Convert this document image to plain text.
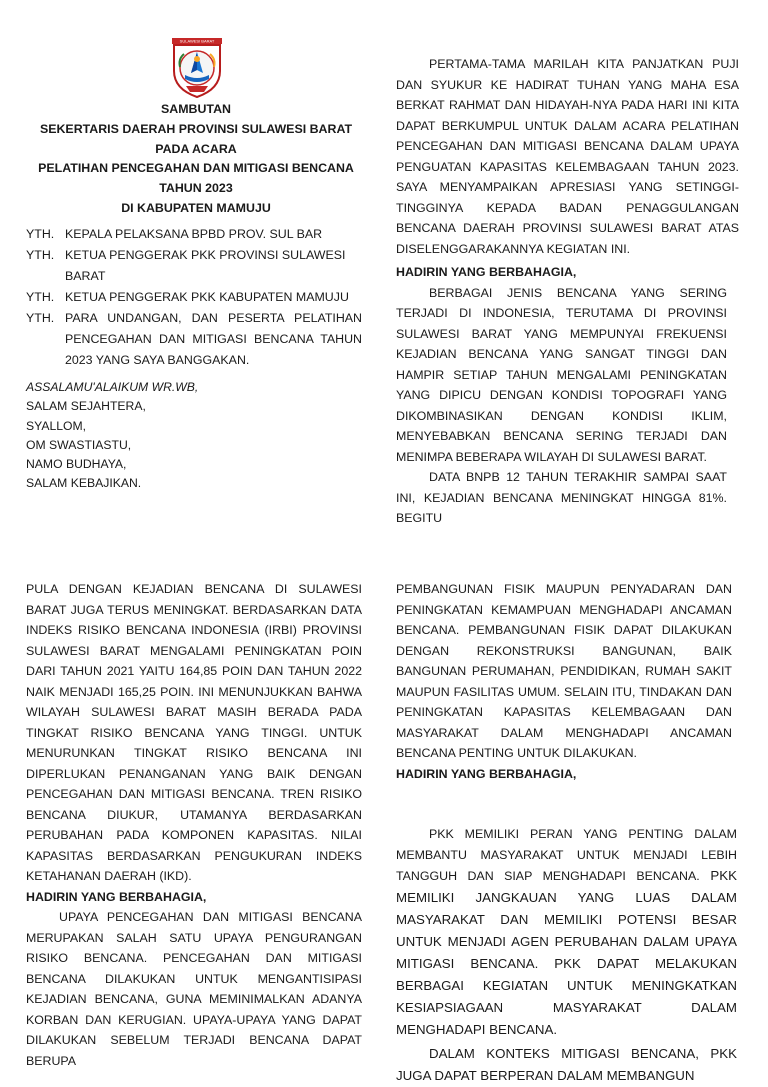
SULAWESI BARAT
SAMBUTAN
SEKERTARIS DAERAH PROVINSI SULAWESI BARAT
PADA ACARA
PELATIHAN PENCEGAHAN DAN MITIGASI BENCANA
TAHUN 2023
DI KABUPATEN MAMUJU
YTH. KEPALA PELAKSANA BPBD PROV. SUL BAR
YTH. KETUA PENGGERAK PKK PROVINSI SULAWESI BARAT
YTH. KETUA PENGGERAK PKK KABUPATEN MAMUJU
YTH. PARA UNDANGAN, DAN PESERTA PELATIHAN PENCEGAHAN DAN MITIGASI BENCANA TAHUN 2023 YANG SAYA BANGGAKAN.
ASSALAMU'ALAIKUM WR.WB,
SALAM SEJAHTERA,
SYALLOM,
OM SWASTIASTU,
NAMO BUDHAYA,
SALAM KEBAJIKAN.

PERTAMA-TAMA MARILAH KITA PANJATKAN PUJI DAN SYUKUR KE HADIRAT TUHAN YANG MAHA ESA BERKAT RAHMAT DAN HIDAYAH-NYA PADA HARI INI KITA DAPAT BERKUMPUL UNTUK DALAM ACARA PELATIHAN PENCEGAHAN DAN MITIGASI BENCANA DALAM UPAYA PENGUATAN KAPASITAS KELEMBAGAAN TAHUN 2023. SAYA MENYAMPAIKAN APRESIASI YANG SETINGGI-TINGGINYA KEPADA BADAN PENAGGULANGAN BENCANA DAERAH PROVINSI SULAWESI BARAT ATAS DISELENGGARAKANNYA KEGIATAN INI.

HADIRIN YANG BERBAHAGIA,

BERBAGAI JENIS BENCANA YANG SERING TERJADI DI INDONESIA, TERUTAMA DI PROVINSI SULAWESI BARAT YANG MEMPUNYAI FREKUENSI KEJADIAN BENCANA YANG SANGAT TINGGI DAN HAMPIR SETIAP TAHUN MENGALAMI PENINGKATAN YANG DIPICU DENGAN KONDISI TOPOGRAFI YANG DIKOMBINASIKAN DENGAN KONDISI IKLIM, MENYEBABKAN BENCANA SERING TERJADI DAN MENIMPA BEBERAPA WILAYAH DI SULAWESI BARAT.

DATA BNPB 12 TAHUN TERAKHIR SAMPAI SAAT INI, KEJADIAN BENCANA MENINGKAT HINGGA 81%. BEGITU

PULA DENGAN KEJADIAN BENCANA DI SULAWESI BARAT JUGA TERUS MENINGKAT. BERDASARKAN DATA INDEKS RISIKO BENCANA INDONESIA (IRBI) PROVINSI SULAWESI BARAT MENGALAMI PENINGKATAN POIN DARI TAHUN 2021 YAITU 164,85 POIN DAN TAHUN 2022 NAIK MENJADI 165,25 POIN. INI MENUNJUKKAN BAHWA WILAYAH SULAWESI BARAT MASIH BERADA PADA TINGKAT RISIKO BENCANA YANG TINGGI. UNTUK MENURUNKAN TINGKAT RISIKO BENCANA INI DIPERLUKAN PENANGANAN YANG BAIK DENGAN PENCEGAHAN DAN MITIGASI BENCANA. TREN RISIKO BENCANA DIUKUR, UTAMANYA BERDASARKAN PERUBAHAN PADA KOMPONEN KAPASITAS. NILAI KAPASITAS BERDASARKAN PENGUKURAN INDEKS KETAHANAN DAERAH (IKD).

HADIRIN YANG BERBAHAGIA,

UPAYA PENCEGAHAN DAN MITIGASI BENCANA MERUPAKAN SALAH SATU UPAYA PENGURANGAN RISIKO BENCANA. PENCEGAHAN DAN MITIGASI BENCANA DILAKUKAN UNTUK MENGANTISIPASI KEJADIAN BENCANA, GUNA MEMINIMALKAN ADANYA KORBAN DAN KERUGIAN. UPAYA-UPAYA YANG DAPAT DILAKUKAN SEBELUM TERJADI BENCANA DAPAT BERUPA

PEMBANGUNAN FISIK MAUPUN PENYADARAN DAN PENINGKATAN KEMAMPUAN MENGHADAPI ANCAMAN BENCANA. PEMBANGUNAN FISIK DAPAT DILAKUKAN DENGAN REKONSTRUKSI BANGUNAN, BAIK BANGUNAN PERUMAHAN, PENDIDIKAN, RUMAH SAKIT MAUPUN FASILITAS UMUM. SELAIN ITU, TINDAKAN DAN PENINGKATAN KAPASITAS KELEMBAGAAN DAN MASYARAKAT DALAM MENGHADAPI ANCAMAN BENCANA PENTING UNTUK DILAKUKAN.

HADIRIN YANG BERBAHAGIA,

PKK MEMILIKI PERAN YANG PENTING DALAM MEMBANTU MASYARAKAT UNTUK MENJADI LEBIH TANGGUH DAN SIAP MENGHADAPI BENCANA. PKK MEMILIKI JANGKAUAN YANG LUAS DALAM MASYARAKAT DAN MEMILIKI POTENSI BESAR UNTUK MENJADI AGEN PERUBAHAN DALAM UPAYA MITIGASI BENCANA. PKK DAPAT MELAKUKAN BERBAGAI KEGIATAN UNTUK MENINGKATKAN KESIAPSIAGAAN MASYARAKAT DALAM MENGHADAPI BENCANA.

DALAM KONTEKS MITIGASI BENCANA, PKK JUGA DAPAT BERPERAN DALAM MEMBANGUN
